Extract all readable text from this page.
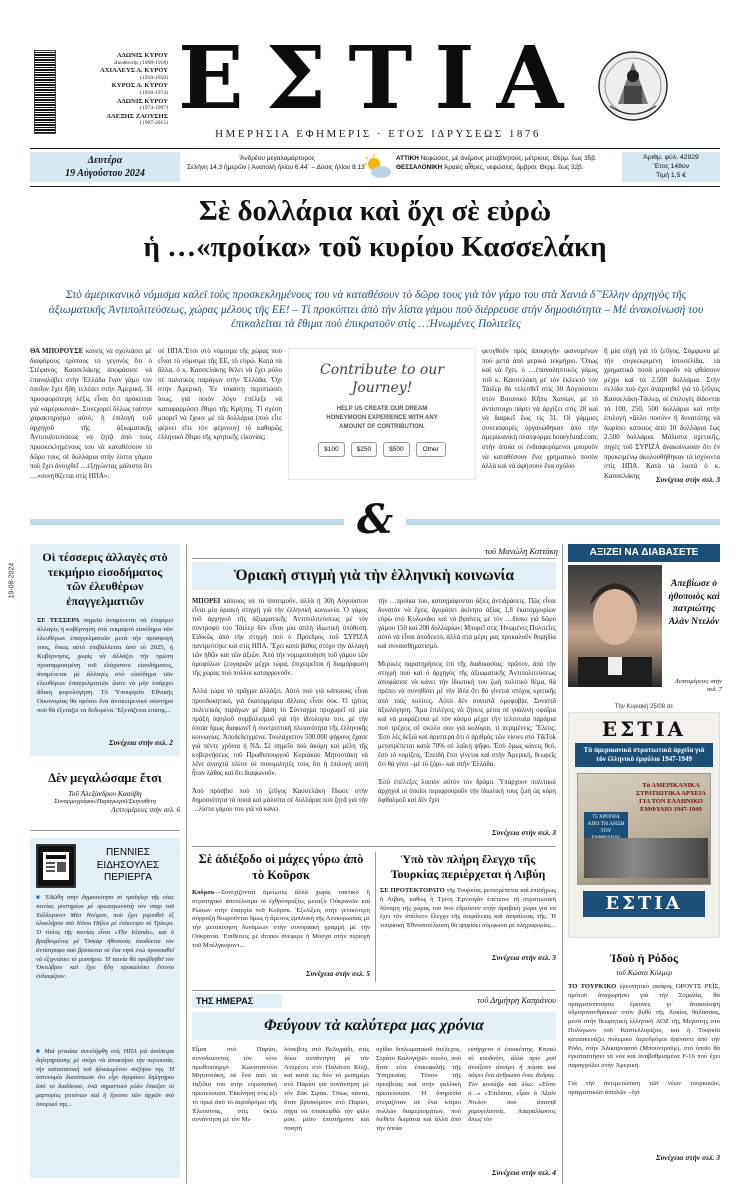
ΑΔΩΝΙΣ ΚΥΡΟΥ
Διευθυντής (1898-1918)
ΑΧΙΛΛΕΥΣ Α. ΚΥΡΟΥ
(1918-1950)
ΚΥΡΟΣ Α. ΚΥΡΟΥ
(1918-1974)
ΑΔΩΝΙΣ ΚΥΡΟΥ
(1974-1997)
ΑΛΕΞΗΣ ΖΑΟΥΣΗΣ
(1997-2015) ΕΣΤΙΑ
ΗΜΕΡΗΣΙΑ ΕΦΗΜΕΡΙΣ · ΕΤΟΣ ΙΔΡΥΣΕΩΣ 1876
Δευτέρα
19 Αὐγούστου 2024
Ἄνδρέου μεγαλομάρτυρος
Σελήνη 14,3 ἡμερῶν | Ἀνατολὴ ἡλίου 6.44΄ – Δύσις ἡλίου 8.13΄
ΑΤΤΙΚΗ Νεφώσεις, μὲ ἀνέμους μεταβλητούς, μέτριους. Θερμ. ἕως 35β.
ΘΕΣΣΑΛΟΝΙΚΗ Ἀραιὲς αἶθρες, νεφώσεις, ὄμβροι. Θερμ. ἕως 32β.
Ἀριθμ. φύλ. 42929
Ἔτος 148ον
Τιμή 1,5 €
Σὲ δολλάρια καὶ ὄχι σὲ εὐρὼ
ἡ …«προίκα» τοῦ κυρίου Κασσελάκη
Στὸ ἀμερικανικὸ νόμισμα καλεῖ τοὺς προσκεκλημένους του νὰ καταθέσουν τὸ δῶρο τους γιὰ τὸν γάμο του στὰ Χανιά δ᾽Ἕλλην ἀρχηγὸς τῆς ἀξιωματικῆς Ἀντιπολιτεύσεως, χώρας μέλους τῆς ΕΕ! – Τί προκύπτει ἀπὸ τὴν λίστα γάμου ποὺ διέρρευσε στὴν δημοσιότητα – Μὲ ἀνακοίνωσή του ἐπικαλεῖται τὰ ἔθιμα ποὺ ἐπικρατοῦν στὶς …Ἡνωμένες Πολιτεῖες
ΘΑ ΜΠΟΡΟΥΣΕ κανεὶς νὰ σχολιάσει μὲ διαφόρους τρόπους τὸ γεγονὸς ὅτι ὁ Στέφανος Κασσελάκης ἀποφάσισε νὰ ἐπαναλάβει στὴν Ἑλλάδα ἕναν γάμο τὸν ὁποῖον ἔχει ἤδη τελέσει στὴν Ἀμερική. Ἡ προσφορότερη λέξις εἶναι ὅτι πρόκειται γιὰ «ἀμερικανιά». Συνεχορεί ὅλλως ταύτην χαρακτηρισμό αὐτό, ἡ ἐπιλογή τοῦ ἀρχηγοῦ τῆς ἀξιωματικῆς Ἀντιπολιτεύσεως νὰ ζητᾷ ἀπὸ τοὺς προσκεκλημένους του νὰ καταθέσουν τὸ δῶρο τους σὲ δολλάρια στὴν λίστα γάμου ποὺ ἔχει ἀνοιχθεῖ …ἐξηγώντας μάλιστα ὅτι …«συνηθίζεται στὶς ΗΠΑ».
σὲ ΗΠΑ.Ἐτσι στὸ νόμισμα τῆς χώρας ποὺ εἶναι τὸ νόμισμα τῆς ΕΕ, τὸ εὐρώ. Κατὰ τὰ ἄλλα, ὁ κ. Κασσελάκης θέλει νὰ ἔχει ρόλο σὲ πολιτικὸς παράγων στὴν Ἑλλάδα. Ὄχι στὴν Ἀμερική. Ἐν τοιαύτῃ περιπτώσει ἴσως, γιὰ ποιὸν λόγο ἐπέλεξε νὰ καταφαρμόσει ἔθιμο τῆς Κρήτης. Τί σχέση μπορεῖ νὰ ἔχουν μὲ τὰ δολλάρια (ποὺ εἶτε φέρνει εἴτε τὸν φέρνουν) τὸ καθαρῶς ἑλληνικὸ ἔθιμο τῆς κρητικῆς εἰκονίας;
Contribute to our Journey!
HELP US CREATE OUR DREAM
HONEYMOON EXPERIENCE WITH ANY
AMOUNT OF CONTRIBUTION.
$100	$250	$500	Other
φευγθοῦν πρὸς ἀποφυγὴν φαινομένων ποὺ μετὰ ἀπὸ μερικά τεκμήριο. Ὅπως καὶ νὰ ἔχει, ὁ …ἐπαναληπτικὸς γάμος τοῦ κ. Κασσελάκη μὲ τὸν ἐκλεκτὸ τον Τάιλερ θὰ τελεσθεῖ στὶς 30 Αὐγούστου στὸν Βοτανικὸ Κῆπο Χανίων, μὲ τὸ ἀντίστοιχο πάρτι νὰ ἀρχίζει στὶς 28 καὶ νὰ διαρκεῖ ἕως τὶς 31. Οἱ γάμμιες συνεισφορὲς ὀργανώθηκαν ἀπὸ τὴν ἀμερικανικὴ πλατφόρμα honeyfund.com, στὴν ὁποία οἱ ἐνδιαφερόμενοι μποροῦν νὰ καταθέσουν ἕνα χρηματικὸ ποσὸν ἀλλὰ καὶ νὰ ἀφήσουν ἕνα σχόλιο
ἢ μία εὐχὴ γιὰ τὸ ζεῦγος. Σύμφωνα μὲ τὴν συγκεκριμένη ἱστοσελίδα, τὰ χρηματικὰ ποσὰ μποροῦν νὰ φθάσουν μέχρι καὶ τὰ 2.500 δολλάρια. Στὴν σελίδα ποὺ ἔχει ἀναρτηθεῖ γιὰ τὸ ζεῦγος Κασσελάκη-Τάιλερ, οἱ ἐπιλογὲς δίδονται τὰ 100, 250, 500 δολλάρια καὶ στὴν ἐπιλογὴ «ἄλλο ποσὸν» ἡ δυνατότης νὰ δωρίσει κάποιος ἀπὸ 10 δολλάρια ἕως 2.500 δολλάρια. Μάλιστα σχετικῆς, πηγὲς τοῦ ΣΥΡΙΖΑ ἀνακοίνωσαν ὅτι ἐν προκειμένῳ ἀκολουθήθηκαν τὰ ἰσχύοντα στὶς ΗΠΑ. Κατὰ τὰ λοιπά ὁ κ. Κασσελάκης	Συνέχεια στὴν σελ. 3
&
19-08-2024
Οἱ τέσσερις ἀλλαγὲς στὸ τεκμήριο εἰσοδήματος τῶν ἐλευθέρων ἐπαγγελματιῶν
ΣΕ ΤΕΣΣΕΡΑ σημεῖα ἀναμένεται νὰ ἐπιφέρει ἀλλαγὲς ἡ κυβέρνηση στὰ τεκμαρτὸ εἰσόδημα τῶν ἐλευθέρων ἐπαγγελματιῶν μετὰ τὴν προσφυγή τους, ὅπως αὐτὸ ἐπιβάλλεται ἀπὸ τὸ 2025, ἡ Κυβέρνησις, χωρὶς νὰ ἀλλάζει τὴν πρώτη προσαρμοσμένη τοῦ ἐλάχιστου εἰσοδήματος, ἀναμένεται μὲ ἀλλαγὲς στὸ εἰσόδημα τῶν ἐλευθέρων ἐπαγγελματιῶν ὥστε νὰ μὴν ὑπάρχει ἄδικη φορολόγηση. Τὸ Ὑπουργεῖο Ἐθνικῆς Οἰκονομίας θὰ πρόσει ἔνα ἀντικειμενικὸ σύστημα ποὺ θὰ ἐξετάζει τὰ δεδομένα. Ἐξετάζεται ἐπίσης...
Συνέχεια στὴν σελ. 2
Δὲν μεγαλώσαμε ἔτσι
Τοῦ Ἀλεξάνδρου Κασάβη
Συναρμογράφου/Παραγωγοῦ/Σκηνοθέτη
Λεπτομέρειες στὴν σελ. 6
ΠΕΝΝΙΕΣ ΕΙΔΗΣΟΥΛΕΣ ΠΕΡΙΕΡΓΑ
■ Ἐδῶθη στὴν δημοσιότητα τὸ τραῖηλερ τῆς νέας ταινίας μυστηρίου μὲ πρωταγωνιστὴ τὸν σταρ τοῦ Χόλλυγουντ Μὰτ Ντέιμον, ποὺ ἔχει γυρισθεῖ ἐξ ὁλοκλήρου στὸ Νότιο Πήλιο μὲ ἐπίκεντρο τὸ Τρίκερι. Ὁ τίτλος τῆς ταινίας εἶναι «The Islands», καὶ ὁ βραβευμένος μὲ Ὄσκαρ ἠθοποιὸς ὑποδύεται τὸν ἀντίστροφο ποὺ βρίσκεται σὲ ἕνα νησὶ ἐνώ προσπαθεῖ νὰ ἐξιχνιάσει τὸ μυστήριο. Ἡ ταινία θὰ προβληθεῖ τὸν Ὀκτώβριο καὶ ἔχει ἤδη προκαλέσει ἔντονο ἐνδιαφέρον.
■ Μιὰ γυναίκα συνελήφθη στὶς ΗΠΑ γιὰ ἀπόπειρα δηλητηρίασης μὲ στόχο νὰ ἀποκτήσει τὴν περιουσία, τὴν καταστατικὴ τοῦ ἠλικιωμένου συζύγου της. Ἡ ἀστυνομία διαπίστωσε ὅτι εἶχε ἀγοράσει δηλητήριο ἀπὸ τὸ διαδίκτυο, ἐνῶ σημαντικὸ ρόλο ἔπαιξαν οἱ μαρτυρίες γειτόνων καὶ ἡ ἔρευνα τῶν ἀρχῶν στὸ ἱστορικό της...
τοῦ Μανώλη Κοττάκη
Ὁριακὴ στιγμὴ γιὰ τὴν ἑλληνικὴ κοινωνία
ΜΠΟΡΕΙ κάποιος νὰ τὸ ὑποτιμοῦν, ἀλλὰ ἡ 30ή Αὐγούστου εἶναι μία ὁριακὴ στιγμὴ γιὰ τὴν ἑλληνικὴ κοινωνία. Ὁ γάμος τοῦ ἀρχηγοῦ τῆς ἀξιωματικῆς Ἀντιπολιτεύσεως μὲ τὸν σύντροφό του Τάιλερ δὲν εἶναι μία ἁπλὴ ἰδιωτικὴ ὑπόθεση. Εἰδικῶς ἀπὸ τὴν στιγμὴ ποὺ ὁ Πρόεδρος τοῦ ΣΥΡΙΖΑ παντρεύτηκε καὶ στὶς ΗΠΑ. Ἔχει κατὰ βάθος στόχο τὴν ἀλλαγὴ τῶν ἠθῶν καὶ τῶν ἀξιῶν. Ἀπὸ τὴν νομιμοποίηση τοῦ γάμου τῶν ὁμοφύλων ζευγαριῶν μέχρι τώρα, ἐπιχειρεῖται ἡ διαμόρφωση τῆς χώρας ποὺ πολλοὶ καταφρονοῦν.

Ἀλλὰ τώρα τὸ πρᾶγμα ἀλλάζει. Αὐτὸ ποὺ γιὰ κάποιους εἶναι προσδοκητικό, γιὰ ἑκατομμύρια ἄλλους εἶναι σοκ. Ὁ τρίτος πολιτεικὸς παράγων μὲ βάση τὸ Σύνταγμα προχωρεῖ σὲ μία πράξη ὑψηλοῦ συμβολισμοῦ γιὰ τὴν ἰδεολογία του, μὲ τὴν ὁποία ὅμως διαφωνεῖ ἡ συντριπτικὴ πλειονότητα τῆς ἑλληνικῆς κοινωνίας. Ἀποδεδειγμένα. Τουλάχιστον 500.000 ψήφους ἔχασε γιὰ πέντε χρόνια ἡ ΝΔ. Σὲ σημεῖο ποὺ ἀκόμη καὶ μέλη τῆς κυβερνήσεως τοῦ Πρωθυπουργοῦ Κυριάκου Μητσοτάκη νὰ λένε ἀνοιχτὰ πλέον σὲ συνομιλητές τους ὅτι ἡ ἐπιλογὴ αὐτὴ ἦταν λάθος καὶ ὅτι διαφωνοῦν.

Ἀπὸ πρόσβισ ποὺ τὸ ζεῦγος Κασσελάκη ἔδωσε στὴν δημοσιότητα τὰ ποσά καὶ μάλιστα σὲ δολλάρια ποὺ ζητᾶ γιὰ τὴν …λίστα γάμου του γιὰ νὰ κάνει
τὴν …προίκα του, καταγράφονται ἀξίες ἀντιδράσεις. Πῶς εἶναι δυνατὸν νὰ ἔχεις ἀγοράσει ἀκίνητο ἀξίας 1,8 ἑκατομμυρίων εὐρὼ στὸ Κολωνάκι καὶ νὰ βγαίνεις μὲ τὸν …δίσκο γιὰ δῶρο γάμου 150 καὶ 200 δολλαρίων; Μπορεῖ στὶς Ἡνωμένες Πολιτεῖες αὐτὸ νὰ εἶναι ἀποδεκτό, ἀλλὰ στὰ μέρη μας προκαλοῦν θυμηδία καὶ συναισθηματισμὸ.

Μερικὲς παρατηρήσεις ἐπὶ τῆς διαδικασίας: πρῶτον, ἀπὸ τὴν στιγμὴ ποὺ καὶ ὁ ἀρχηγὸς τῆς ἀξιωματικῆς Ἀντιπολιτεύσεως ἀποφάσισε νὰ κάνει τὴν ἰδιωτική του ζωὴ πολιτικὸ θέμα, θὰ πρέπει νὰ συνηθίσει μὲ τὴν ἰδέα ὅτι θὰ γίνεται στόχος κριτικῆς ἀπὸ τοὺς πολίτες. Αὐτὸ δὲν συνιστᾶ ὁμοφοβία. Συνιστᾶ ἀξιολόγηση. Ἅμα ἐπιλέγεις νὰ ζήσεις μέσα σὲ γυάλινη σφαῖρα καὶ νὰ μοιράζεσαι μὲ τὸν κόσμο μέχρι τὴν τελευταία παράμια ποὺ τρέχεις σὲ σκύλο σου γιὰ κολύμπι, τί περιμένεις; Ἔλεος; Ἐσὺ λὲς δεξιὰ καὶ ἀριστερὰ ὅτι ὁ ἀριθμὸς τῶν views στὸ TikTok μετατρέπεται κατὰ 70% σὲ λαϊκὴ ψῆφο. Ἐσὺ ὅμως κάνεις θεό, ἐσὺ τὸ νομίζεις. Ἐπειδὴ ἔτσι γίνεται καὶ στὴν Ἀμερική, θεωρεῖς ὅτι θὰ γίνει –μὲ τὸ ζόρι– καὶ στὴν Ἑλλάδα.

Ἐσὺ ἐπέλεξες λοιπὸν αὐτὸν τὸν δρόμο. Ὑπάρχουν πολιτικοὶ ἀρχηγοὶ οἱ ὁποῖοι περιφρουροῦν τὴν ἰδιωτική τους ζωὴ ὡς κόρη ὀφθαλμοῦ καὶ δὲν ἔχει
Συνέχεια στὴν σελ. 3
Σὲ ἀδιέξοδο οἱ μάχες γύρω ἀπὸ τὸ Κοῦρσκ
Κοῦρσκ—Συνεχίζονται ἀμείωτες ἀλλὰ χωρὶς τακτικὸ ἢ στρατηγικὸ ἀποτέλεσμα οἱ ἐχθροπραξίες μεταξὺ Οὐκρανῶν καὶ Ρώσων στὴν ἐπαρχία τοῦ Κοῦρσκ. Ἐξελίξεις στὴν γενικότερη σύρραξη θεωροῦνται ὅμως ἡ ἄμεσος ἐμπλοκὴ τῆς Λευκορωσίας μὲ τὴν μετακίνηση δυνάμεων στὴν συνοριακὴ γραμμὴ μὲ τὴν Οὐκρανία. Ἐπιθέσεις μὲ drones ἀνέφερε ἡ Μόσχα στὴν περιοχὴ τοῦ Μπέλγκοροντ...
Συνέχεια στὴν σελ. 5
Ὑπὸ τὸν πλήρη ἔλεγχο τῆς Τουρκίας περιέρχεται ἡ Λιβύη
ΣΕ ΠΡΟΤΕΚΤΟΡΑΤΟ τῆς Τουρκίας μετατρέπεται καὶ ἐπισήμως ἡ Λιβύη, καθὼς ἡ Τρίτη Ἐρντογάν ἐπέτεινε τὴ στρατιωτικὴ δύναμη τῆς χώρας του ποὺ ἐδρεύουν στὴν ἀραβικὴ χώρα γιὰ νὰ ἔχει τὸν ἀπόλυτο ἔλεγχο τῆς ἀσφάλειας καὶ ἀσφάλειας τῆς. Ἡ τουρκικὴ Ἐθνοσυνέλευση θὰ ψηφίσει σύμφωνα μὲ πληροφορίες...
Συνέχεια στὴν σελ. 3
ΑΞΙΖΕΙ ΝΑ ΔΙΑΒΑΣΕΤΕ
Ἀπεβίωσε ὁ ἠθοποιὸς καὶ πατριώτης Ἀλὰν Ντελόν
Λεπτομέρειες στὴν σελ. 7
Τὴν Κυριακή 25/08 σε
ΕΣΤΙΑ
Τὰ ἀμερικανικὰ στρατιωτικὰ ἀρχεῖα γιὰ τὸν ἑλληνικὸ ἐμφύλιο 1947-1949
Τὰ ΑΜΕΡΙΚΑΝΙΚΑ ΣΤΡΑΤΙΩΤΙΚΑ ΑΡΧΕΙΑ ΓΙΑ ΤΟΝ ΕΛΛΗΝΙΚΟ ΕΜΦΥΛΙΟ 1947-1949
75 ΧΡΟΝΙΑ ΑΠΟ ΤΗ ΛΗΞΗ ΤΟΥ
ΕΣΤΙΑ
Ἰδοὺ ἡ Ρόδος
τοῦ Κώστα Κόλμερ
ΤΟ ΤΟΥΡΚΙΚΟ ἐρευνητικὸ σκάφος ΟΡΟΥΤΣ ΡΕΪΣ, πρότοῦ ἀναχωρήσει γιὰ τὴν Σομαλία, θὰ πραγματοποιήσει ἔρευνες γι᾽ ἀνακαλυψη ὑδρογονανθράκων στὸν βυθὸ τῆς Λυκίας θάλασσας, μέσα στὴν θεωρητικὴ ἑλληνικὴ ΑΟΖ τῆς Μεγίστης στὸ Πολύγωνο τοῦ Καστελλορίζου, καὶ ἡ Τουρκία κατασκευάζει πολεμικὸ ἀεροδρόμιο ἀπέναντι ἀπὸ τὴν Ρόδο, στὴν Ἁλικαρνασσὸ (Μπουντροῦμ), στὸ ὁποῖο θὰ ἐγκαταστήσει τὰ νέα καὶ ἀναβαθμισμένα F-16 ποὺ ἔχει παραγγείλει στὴν Ἀμερική.

Γιὰ τὴν ἀντιμετώπιση τῶν νέων τουρκικῶν, πραγματικῶν ἀπειλῶν –ὄχι
Συνέχεια στὴν σελ. 3
ΤΗΣ ΗΜΕΡΑΣ	τοῦ Δημήτρη Καπράνου
Φεύγουν τὰ καλύτερα μας χρόνια
Εἶμαι στὸ Παρίσι, συνοδεύοντας τὸν τότε πρωθυπουργὸ Κωνσταντίνο Μητσοτάκη, σὲ ἕνα ἀπὸ τὰ ταξίδια του στὴν εὐρωπαϊκή πρωτεύουσα. Ἐκκίνηση στὶς ἑξι τὸ πρωὶ ἀπὸ τὸ ἀεροδρόμιο τῆς Ἐλευσίνας, στὶς ὀκτώ συνάντηση μὲ τὸν Μι-
λόσεβιτς στὸ Βελιγράδι, στὶς δέκα συνάντηση μὲ τὸν Ἀντρέοτι στὸ Παλάτσο Κίτζι, καὶ κατὰ τὶς δύο τὸ μεσημέρι στὸ Παρίσι γιὰ συνάντηση μὲ τὸν Ζὰκ Σιράκ. Ὅπως πάντα, ὅταν βρισκόμουν στὸ Παρίσι, πήγα νὰ ἐπισκεφθῶ τὸν φίλο μου, μέσο ἐπιστήμονα καὶ ποιητὴ
σχίδιο διπλωματικοῦ ἀτέλεχος. Στράτο Καλογηρῶ- πουλο, ποὺ ἦταν τότε ἐπικεφαλῆς τῆς Ὑπηρεσίας Τύπου τῆς πρεσβείας καὶ στὴν γαλλικὴ πρωτεύουσα. Ἡ ὕπηρεσία στεγαζόταν σὲ ἕνα κτίριο πολλῶν διαμερισμάτων, ποὺ διέθετε δωμάτια καὶ ἀλλὰ ἀπὸ τὴν ὁποία
εἰσήρχετο ὁ ἐπισκέπτης. Κτυπώ τὸ κουδούνι, ἀλλὰ πρὶν μοῦ ἀνοίξουν ἀνοίγει ἡ πόρτα καὶ πάψει ἕνα ἀνθρωπο ἕνας ἄνδρας. Τὸν κοιτάζω καὶ λέω: «Εἴστε ὁ…» «Ἐπιλιστα, εἶμαι ὁ Ἀλαίν Ντελὸν ποὺ ἀπαντᾷ χαμογελαστός. Ἀπαράλλακτος ὅπως τὸν
Συνέχεια στὴν σελ. 4
